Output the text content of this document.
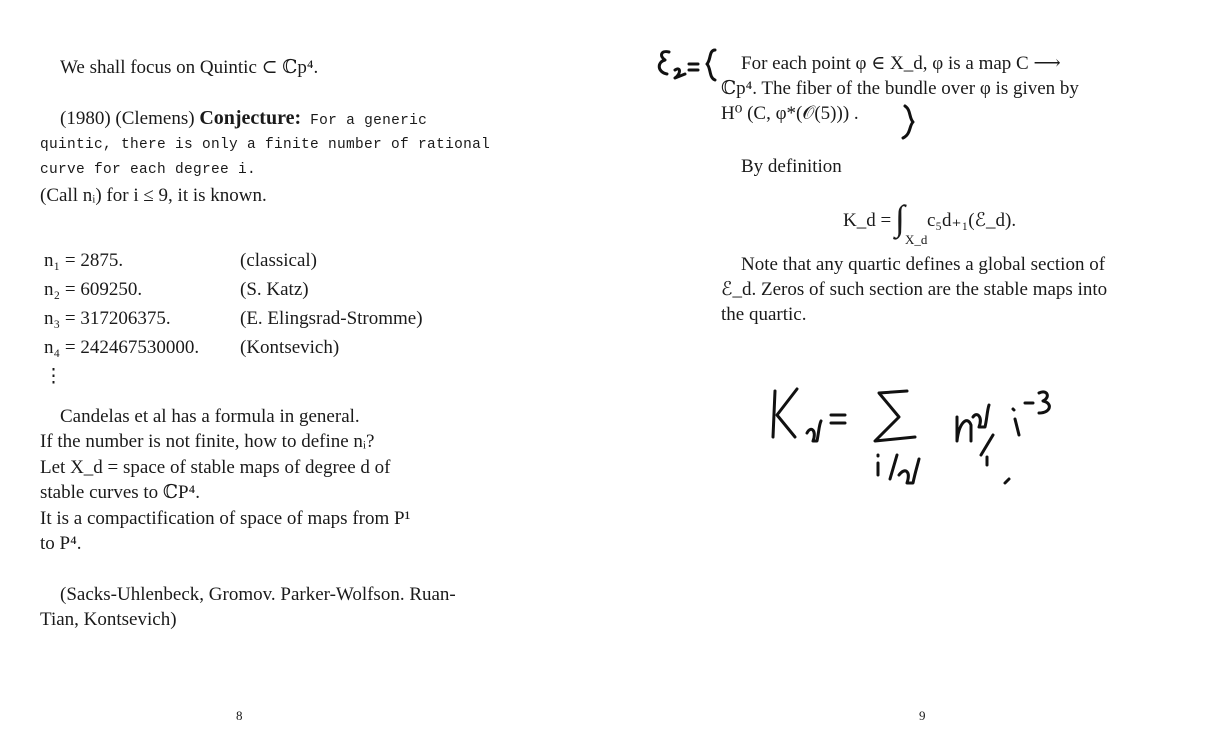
We shall focus on Quintic ⊂ ℂp⁴.
(1980) (Clemens) Conjecture: For a generic
quintic, there is only a finite number of rational
curve for each degree i.
(Call nᵢ) for i ≤ 9, it is known.
n₁ = 2875.	(classical)
n₂ = 609250.	(S. Katz)
n₃ = 317206375.	(E. Elingsrad-Stromme)
n₄ = 242467530000. (Kontsevich)
⋮
Candelas et al has a formula in general.
If the number is not finite, how to define nᵢ?
Let X_d = space of stable maps of degree d of
stable curves to ℂP⁴.
It is a compactification of space of maps from P¹
to P⁴.
(Sacks-Uhlenbeck, Gromov. Parker-Wolfson. Ruan-
Tian, Kontsevich)
8
For each point φ ∈ X_d, φ is a map C ⟶
ℂp⁴. The fiber of the bundle over φ is given by
H⁰ (C, φ*(𝒪(5))) .
By definition
K_d = ∫
X_d
c₅d₊₁(ℰ_d).
Note that any quartic defines a global section of
ℰ_d. Zeros of such section are the stable maps into
the quartic.
9
